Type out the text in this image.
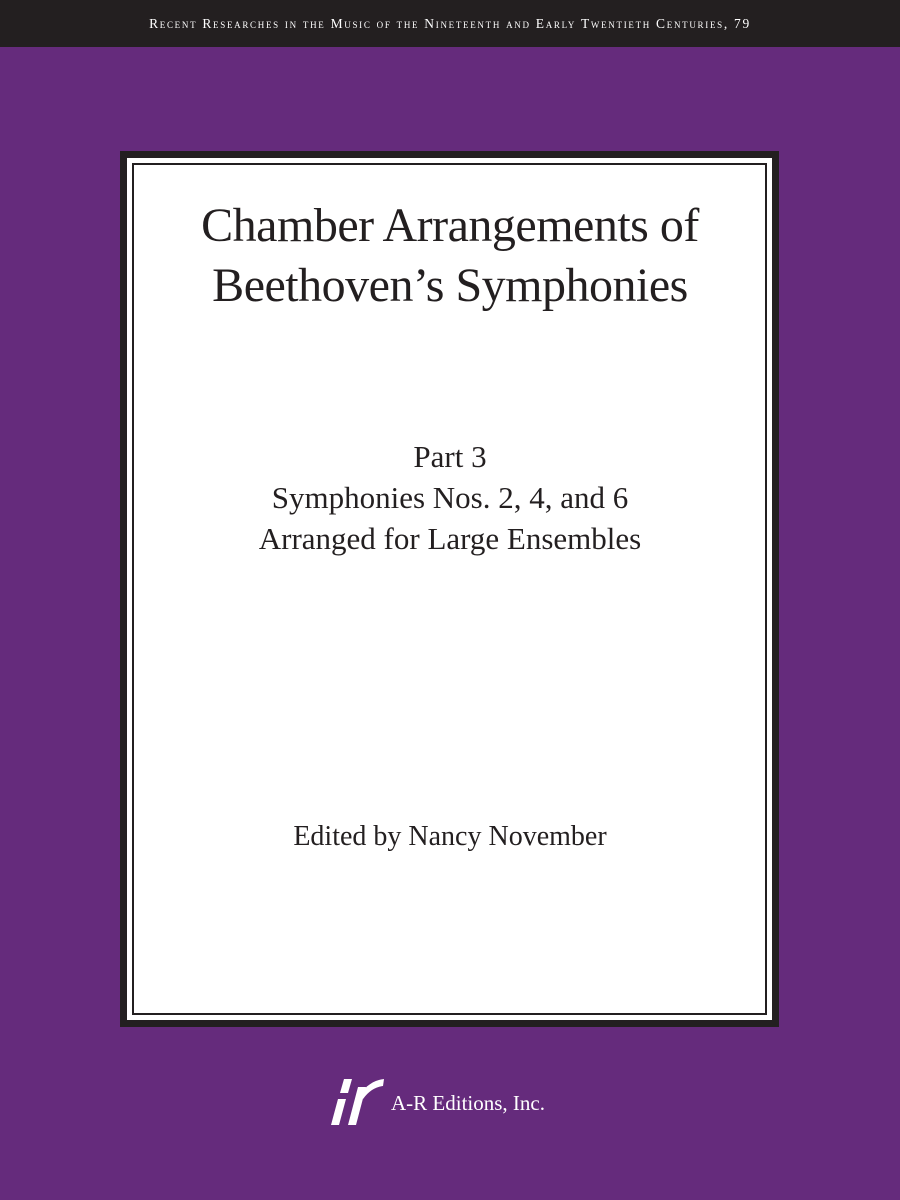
Recent Researches in the Music of the Nineteenth and Early Twentieth Centuries, 79
Chamber Arrangements of
Beethoven’s Symphonies
Part 3
Symphonies Nos. 2, 4, and 6
Arranged for Large Ensembles
Edited by Nancy November
A-R Editions, Inc.
